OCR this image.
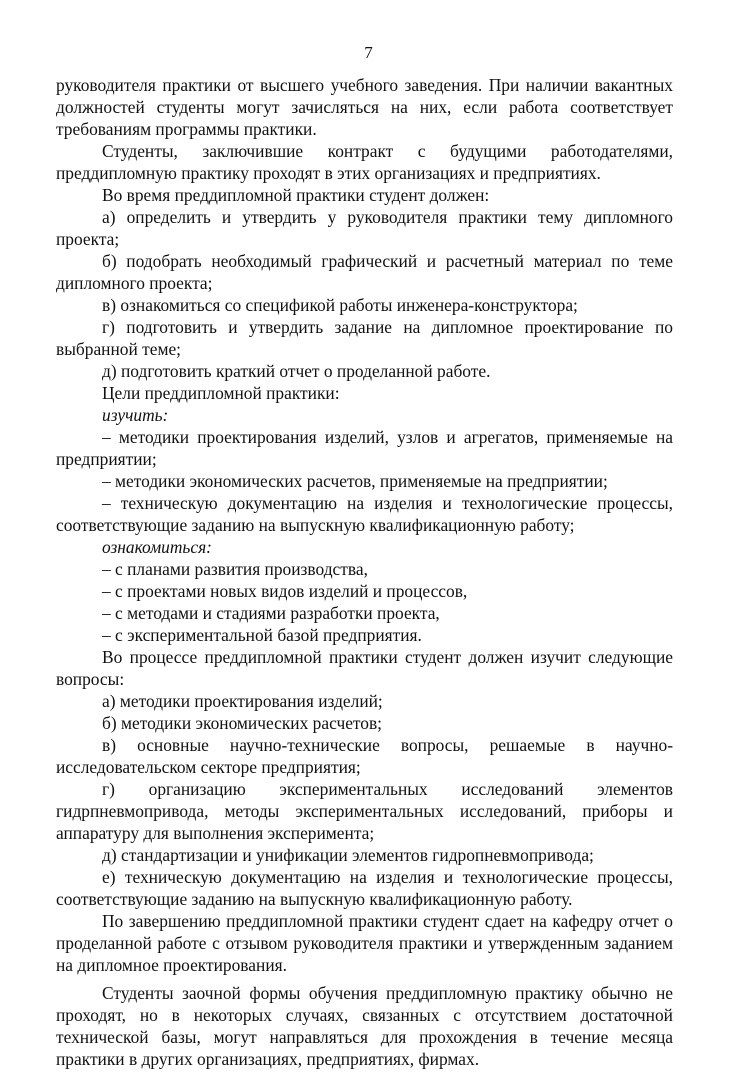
7

руководителя практики от высшего учебного заведения. При наличии вакантных должностей студенты могут зачисляться на них, если работа соответствует требованиям программы практики.

Студенты, заключившие контракт с будущими работодателями, преддипломную практику проходят в этих организациях и предприятиях.

Во время преддипломной практики студент должен:

а) определить и утвердить у руководителя практики тему дипломного проекта;

б) подобрать необходимый графический и расчетный материал по теме дипломного проекта;

в) ознакомиться со спецификой работы инженера-конструктора;

г) подготовить и утвердить задание на дипломное проектирование по выбранной теме;

д) подготовить краткий отчет о проделанной работе.

Цели преддипломной практики:

изучить:

– методики проектирования изделий, узлов и агрегатов, применяемые на предприятии;

– методики экономических расчетов, применяемые на предприятии;

– техническую документацию на изделия и технологические процессы, соответствующие заданию на выпускную квалификационную работу;

ознакомиться:

– с планами развития производства,

– с проектами новых видов изделий и процессов,

– с методами и стадиями разработки проекта,

– с экспериментальной базой предприятия.

Во процессе преддипломной практики студент должен изучит следующие вопросы:

а) методики проектирования изделий;

б) методики экономических расчетов;

в) основные научно-технические вопросы, решаемые в научно-исследовательском секторе предприятия;

г) организацию экспериментальных исследований элементов гидрпневмопривода, методы экспериментальных исследований, приборы и аппаратуру для выполнения эксперимента;

д) стандартизации и унификации элементов гидропневмопривода;

е) техническую документацию на изделия и технологические процессы, соответствующие заданию на выпускную квалификационную работу.

По завершению преддипломной практики студент сдает на кафедру отчет о проделанной работе с отзывом руководителя практики и утвержденным заданием на дипломное проектирования.

Студенты заочной формы обучения преддипломную практику обычно не проходят, но в некоторых случаях, связанных с отсутствием достаточной технической базы, могут направляться для прохождения в течение месяца практики в других организациях, предприятиях, фирмах.
